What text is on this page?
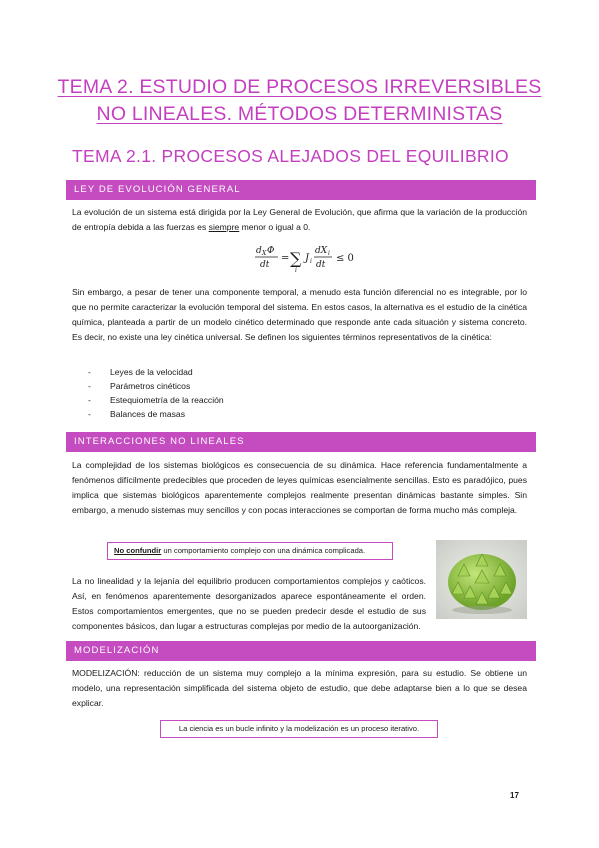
TEMA 2. ESTUDIO DE PROCESOS IRREVERSIBLES
NO LINEALES. MÉTODOS DETERMINISTAS
TEMA 2.1. PROCESOS ALEJADOS DEL EQUILIBRIO
LEY DE EVOLUCIÓN GENERAL
La evolución de un sistema está dirigida por la Ley General de Evolución, que afirma que la variación de la producción de entropía debida a las fuerzas es siempre menor o igual a 0.
d X Φ
dt
= ∑
i
J i
dX i
dt
≤ 0
Sin embargo, a pesar de tener una componente temporal, a menudo esta función diferencial no es integrable, por lo que no permite caracterizar la evolución temporal del sistema. En estos casos, la alternativa es el estudio de la cinética química, planteada a partir de un modelo cinético determinado que responde ante cada situación y sistema concreto. Es decir, no existe una ley cinética universal. Se definen los siguientes términos representativos de la cinética:
- Leyes de la velocidad
- Parámetros cinéticos
- Estequiometría de la reacción
- Balances de masas
INTERACCIONES NO LINEALES
La complejidad de los sistemas biológicos es consecuencia de su dinámica. Hace referencia fundamentalmente a fenómenos difícilmente predecibles que proceden de leyes químicas esencialmente sencillas. Esto es paradójico, pues implica que sistemas biológicos aparentemente complejos realmente presentan dinámicas bastante simples. Sin embargo, a menudo sistemas muy sencillos y con pocas interacciones se comportan de forma mucho más compleja.
No confundir un comportamiento complejo con una dinámica complicada.
La no linealidad y la lejanía del equilibrio producen comportamientos complejos y caóticos. Así, en fenómenos aparentemente desorganizados aparece espontáneamente el orden. Estos comportamientos emergentes, que no se pueden predecir desde el estudio de sus componentes básicos, dan lugar a estructuras complejas por medio de la autoorganización.
MODELIZACIÓN
MODELIZACIÓN: reducción de un sistema muy complejo a la mínima expresión, para su estudio. Se obtiene un modelo, una representación simplificada del sistema objeto de estudio, que debe adaptarse bien a lo que se desea explicar.
La ciencia es un bucle infinito y la modelización es un proceso iterativo.
17
